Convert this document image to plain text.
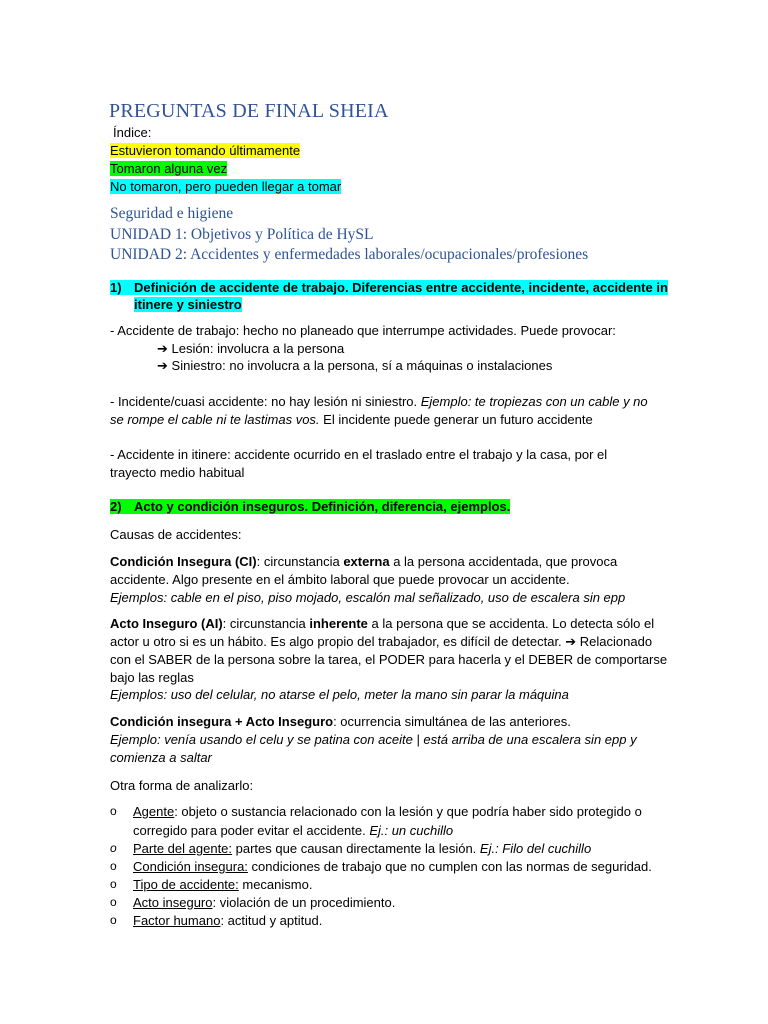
PREGUNTAS DE FINAL SHEIA
Índice:
Estuvieron tomando últimamente
Tomaron alguna vez
No tomaron, pero pueden llegar a tomar
Seguridad e higiene
UNIDAD 1: Objetivos y Política de HySL
UNIDAD 2: Accidentes y enfermedades laborales/ocupacionales/profesiones
1) Definición de accidente de trabajo. Diferencias entre accidente, incidente, accidente in
itinere y siniestro
- Accidente de trabajo: hecho no planeado que interrumpe actividades. Puede provocar:
➔ Lesión: involucra a la persona
➔ Siniestro: no involucra a la persona, sí a máquinas o instalaciones
- Incidente/cuasi accidente: no hay lesión ni siniestro. Ejemplo: te tropiezas con un cable y no
se rompe el cable ni te lastimas vos. El incidente puede generar un futuro accidente
- Accidente in itinere: accidente ocurrido en el traslado entre el trabajo y la casa, por el
trayecto medio habitual
2) Acto y condición inseguros. Definición, diferencia, ejemplos.
Causas de accidentes:
Condición Insegura (CI): circunstancia externa a la persona accidentada, que provoca
accidente. Algo presente en el ámbito laboral que puede provocar un accidente.
Ejemplos: cable en el piso, piso mojado, escalón mal señalizado, uso de escalera sin epp
Acto Inseguro (AI): circunstancia inherente a la persona que se accidenta. Lo detecta sólo el
actor u otro si es un hábito. Es algo propio del trabajador, es difícil de detectar. ➔ Relacionado
con el SABER de la persona sobre la tarea, el PODER para hacerla y el DEBER de comportarse
bajo las reglas
Ejemplos: uso del celular, no atarse el pelo, meter la mano sin parar la máquina
Condición insegura + Acto Inseguro: ocurrencia simultánea de las anteriores.
Ejemplo: venía usando el celu y se patina con aceite | está arriba de una escalera sin epp y
comienza a saltar
Otra forma de analizarlo:
o Agente: objeto o sustancia relacionado con la lesión y que podría haber sido protegido o
corregido para poder evitar el accidente. Ej.: un cuchillo
o Parte del agente: partes que causan directamente la lesión. Ej.: Filo del cuchillo
o Condición insegura: condiciones de trabajo que no cumplen con las normas de seguridad.
o Tipo de accidente: mecanismo.
o Acto inseguro: violación de un procedimiento.
o Factor humano: actitud y aptitud.
